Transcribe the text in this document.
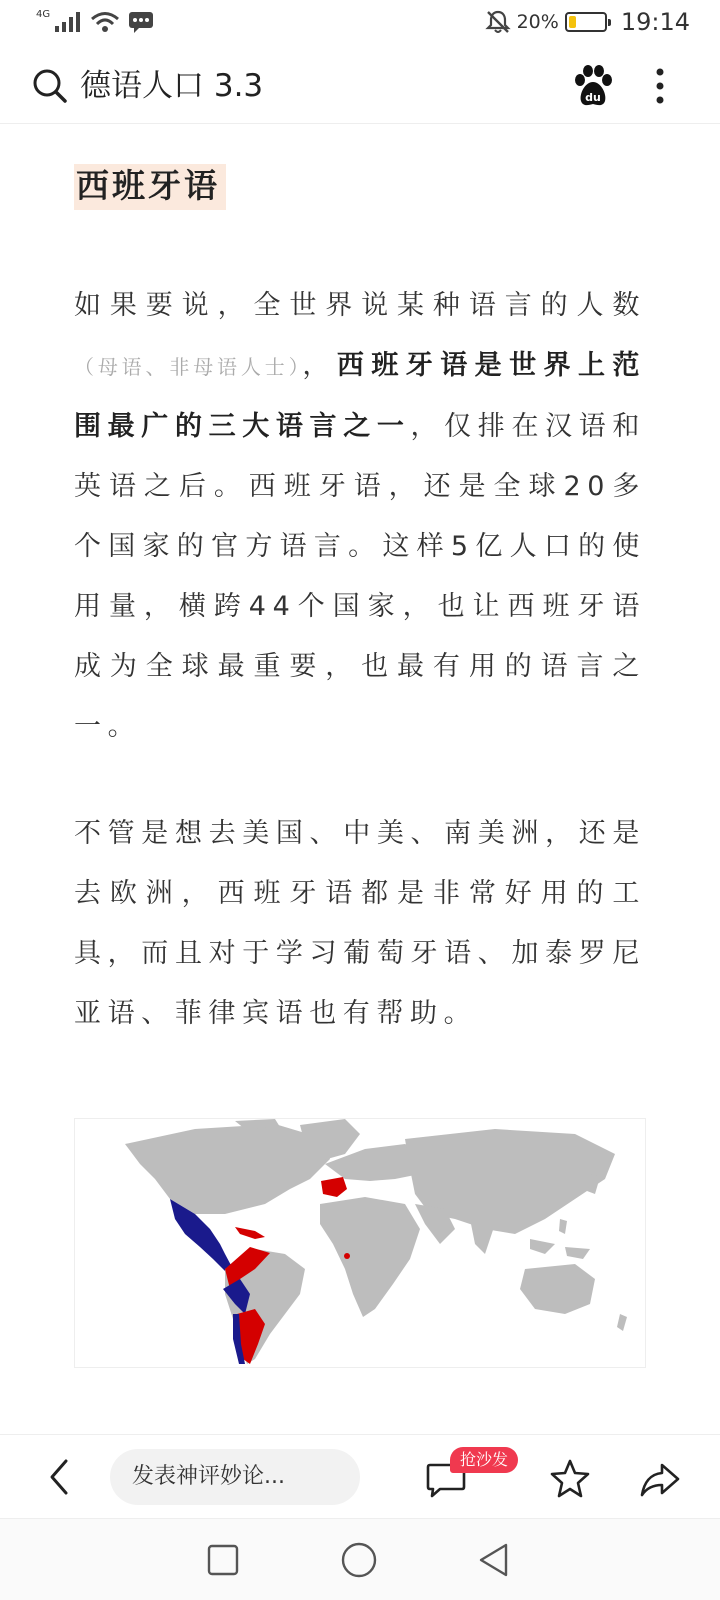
4G	20%	19:14
德语人口 3.3	du
西班牙语

如果要说，全世界说某种语言的人数（母语、非母语人士），西班牙语是世界上范围最广的三大语言之一，仅排在汉语和英语之后。西班牙语，还是全球20多个国家的官方语言。这样5亿人口的使用量，横跨44个国家，也让西班牙语成为全球最重要，也最有用的语言之一。

不管是想去美国、中美、南美洲，还是去欧洲，西班牙语都是非常好用的工具，而且对于学习葡萄牙语、加泰罗尼亚语、菲律宾语也有帮助。

发表神评妙论...
抢沙发
